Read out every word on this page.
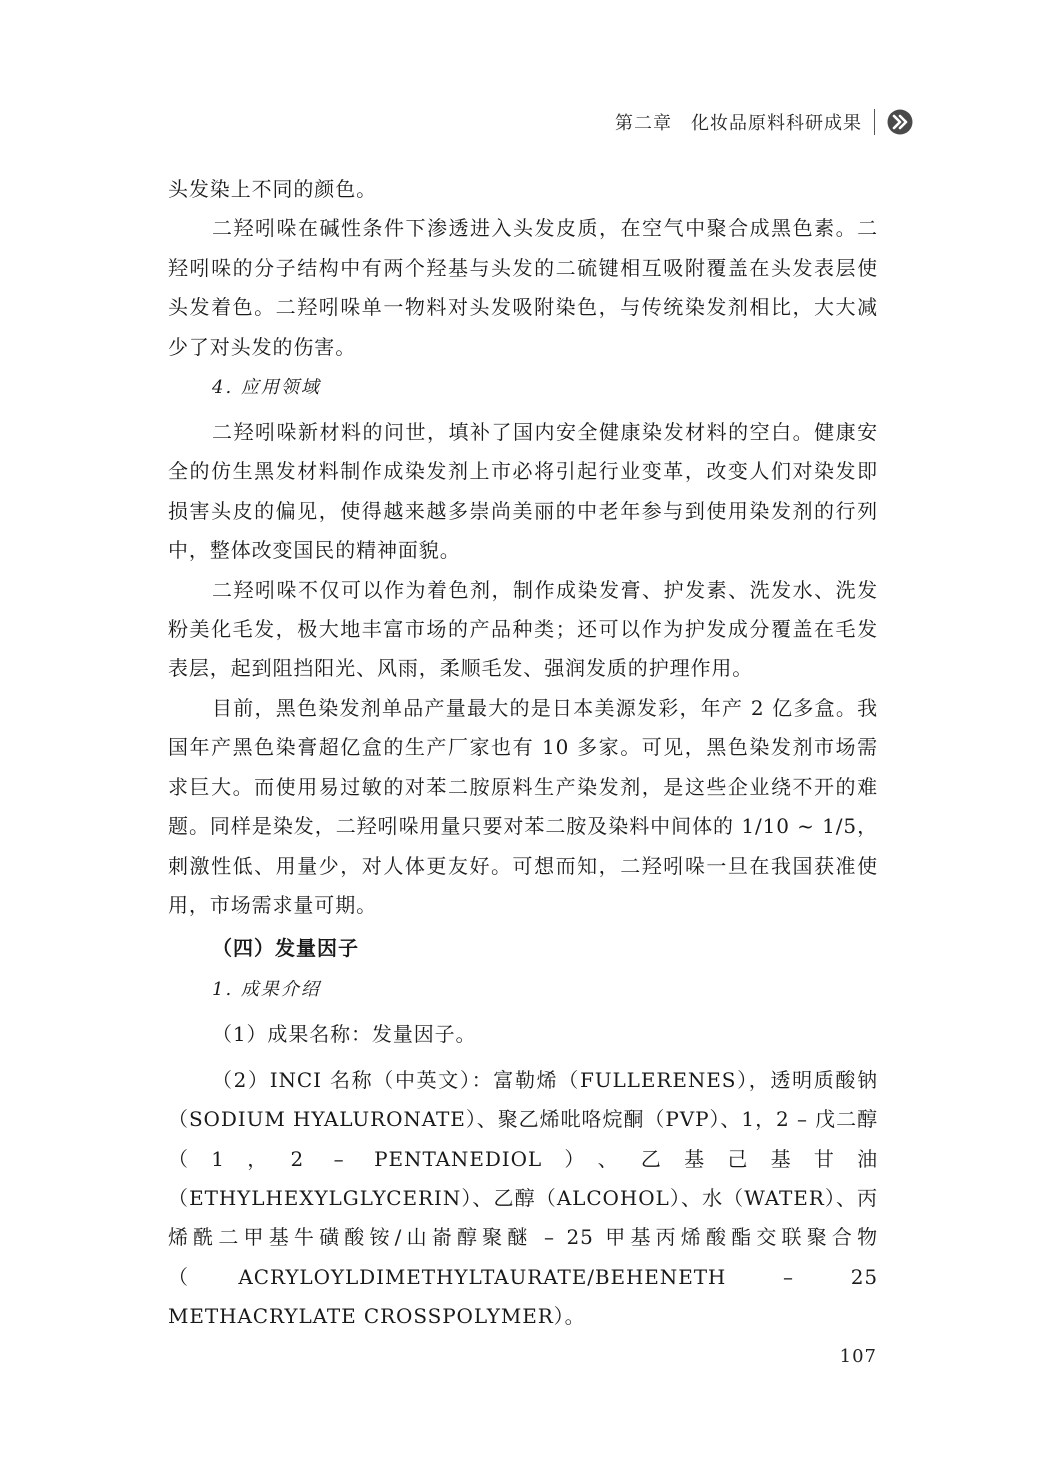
第二章　化妆品原料科研成果

头发染上不同的颜色。

二羟吲哚在碱性条件下渗透进入头发皮质，在空气中聚合成黑色素。二羟吲哚的分子结构中有两个羟基与头发的二硫键相互吸附覆盖在头发表层使头发着色。二羟吲哚单一物料对头发吸附染色，与传统染发剂相比，大大减少了对头发的伤害。

4. 应用领域

二羟吲哚新材料的问世，填补了国内安全健康染发材料的空白。健康安全的仿生黑发材料制作成染发剂上市必将引起行业变革，改变人们对染发即损害头皮的偏见，使得越来越多崇尚美丽的中老年参与到使用染发剂的行列中，整体改变国民的精神面貌。

二羟吲哚不仅可以作为着色剂，制作成染发膏、护发素、洗发水、洗发粉美化毛发，极大地丰富市场的产品种类；还可以作为护发成分覆盖在毛发表层，起到阻挡阳光、风雨，柔顺毛发、强润发质的护理作用。

目前，黑色染发剂单品产量最大的是日本美源发彩，年产 2 亿多盒。我国年产黑色染膏超亿盒的生产厂家也有 10 多家。可见，黑色染发剂市场需求巨大。而使用易过敏的对苯二胺原料生产染发剂，是这些企业绕不开的难题。同样是染发，二羟吲哚用量只要对苯二胺及染料中间体的 1/10 ~ 1/5，刺激性低、用量少，对人体更友好。可想而知，二羟吲哚一旦在我国获准使用，市场需求量可期。

（四）发量因子

1. 成果介绍

（1）成果名称：发量因子。

（2）INCI 名称（中英文）：富勒烯（FULLERENES），透明质酸钠（SODIUM HYALURONATE）、聚乙烯吡咯烷酮（PVP）、1，2 – 戊二醇（1，2 – PENTANEDIOL）、乙基己基甘油（ETHYLHEXYLGLYCERIN）、乙醇（ALCOHOL）、水（WATER）、丙烯酰二甲基牛磺酸铵/山嵛醇聚醚 – 25 甲基丙烯酸酯交联聚合物（ACRYLOYLDIMETHYLTAURATE/BEHENETH – 25 METHACRYLATE CROSSPOLYMER）。

107
